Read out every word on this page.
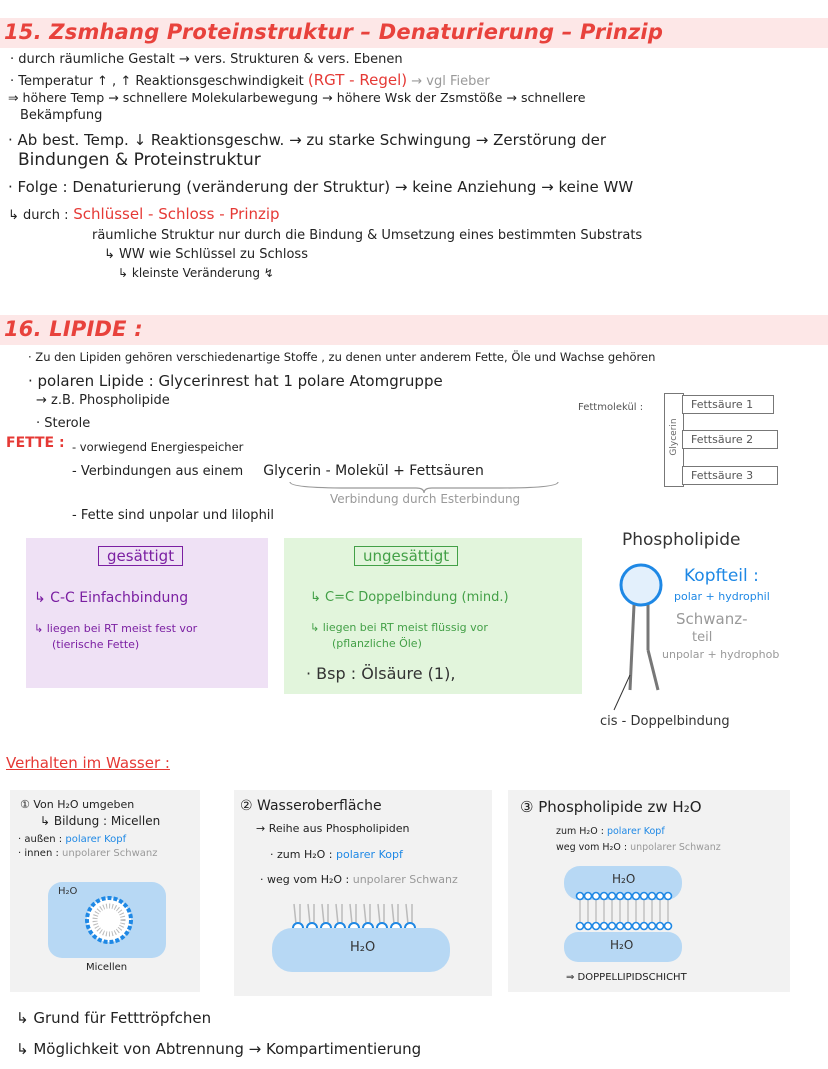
15. Zsmhang Proteinstruktur – Denaturierung – Prinzip
· durch räumliche Gestalt → vers. Strukturen & vers. Ebenen
· Temperatur ↑ , ↑ Reaktionsgeschwindigkeit (RGT - Regel) → vgl Fieber
⇒ höhere Temp → schnellere Molekularbewegung → höhere Wsk der Zsmstöße → schnellere
Bekämpfung
· Ab best. Temp. ↓ Reaktionsgeschw. → zu starke Schwingung → Zerstörung der
Bindungen & Proteinstruktur
· Folge : Denaturierung (veränderung der Struktur) → keine Anziehung → keine WW
↳ durch : Schlüssel - Schloss - Prinzip
räumliche Struktur nur durch die Bindung & Umsetzung eines bestimmten Substrats
↳ WW wie Schlüssel zu Schloss
↳ kleinste Veränderung ↯
16. LIPIDE :
· Zu den Lipiden gehören verschiedenartige Stoffe , zu denen unter anderem Fette, Öle und Wachse gehören
· polaren Lipide : Glycerinrest hat 1 polare Atomgruppe
→ z.B. Phospholipide
· Sterole
FETTE : - vorwiegend Energiespeicher
- Verbindungen aus einem Glycerin - Molekül + Fettsäuren
Verbindung durch Esterbindung
- Fette sind unpolar und lilophil
Fettmolekül :
Glycerin
Fettsäure 1
Fettsäure 2
Fettsäure 3
gesättigt
↳ C-C Einfachbindung
↳ liegen bei RT meist fest vor
(tierische Fette)
ungesättigt
↳ C=C Doppelbindung (mind.)
↳ liegen bei RT meist flüssig vor
(pflanzliche Öle)
· Bsp : Ölsäure (1),
Phospholipide
Kopfteil :
polar + hydrophil
Schwanz-
teil
unpolar + hydrophob
cis - Doppelbindung
Verhalten im Wasser :
① Von H₂O umgeben
↳ Bildung : Micellen
· außen : polarer Kopf
· innen : unpolarer Schwanz
H₂O
Micellen
② Wasseroberfläche
→ Reihe aus Phospholipiden
· zum H₂O : polarer Kopf
· weg vom H₂O : unpolarer Schwanz
H₂O
③ Phospholipide zw H₂O
zum H₂O : polarer Kopf
weg vom H₂O : unpolarer Schwanz
H₂O
H₂O
⇒ DOPPELLIPIDSCHICHT
↳ Grund für Fetttröpfchen
↳ Möglichkeit von Abtrennung → Kompartimentierung
